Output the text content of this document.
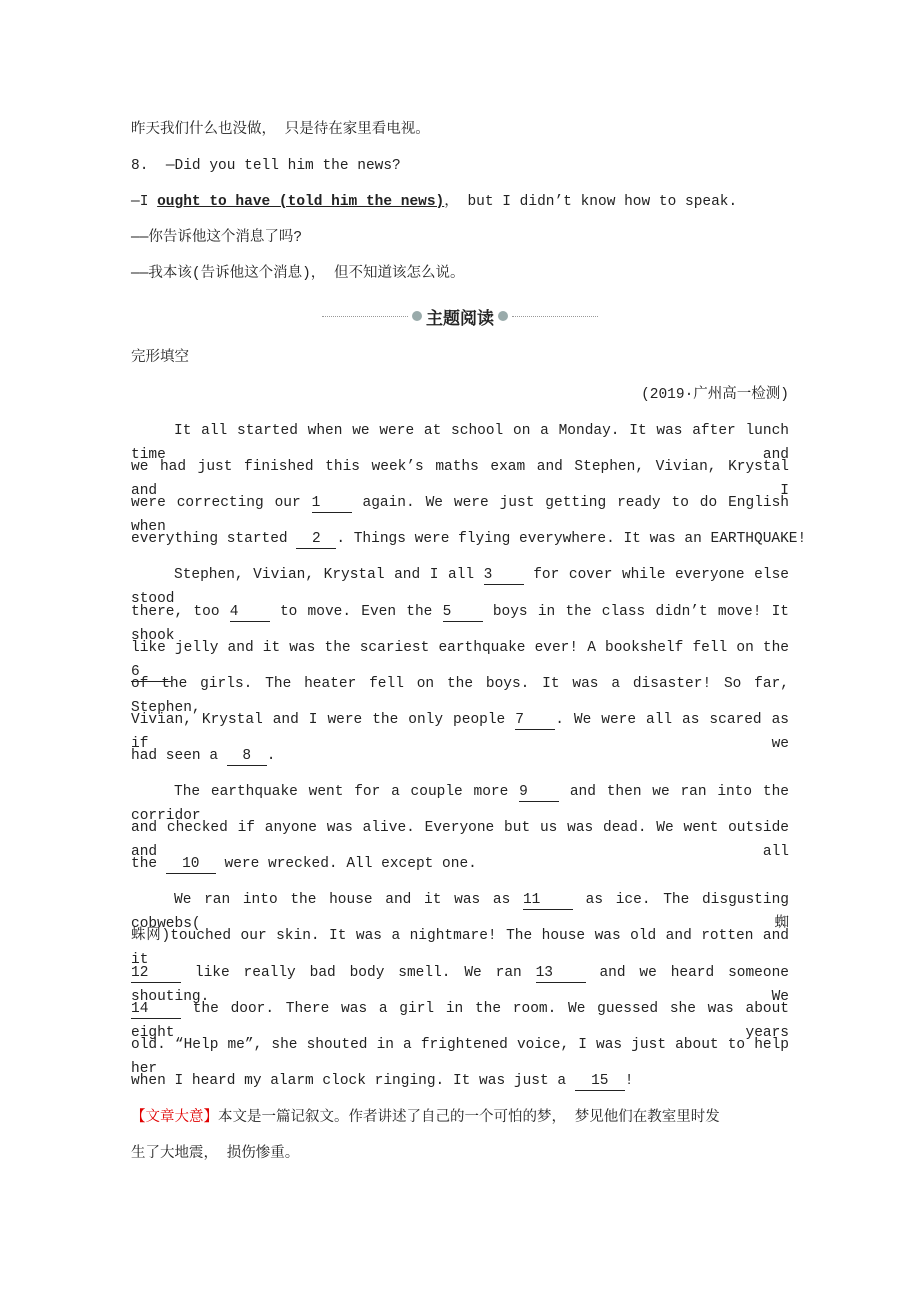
昨天我们什么也没做， 只是待在家里看电视。
8. —Did you tell him the news?
—I ought to have (told him the news)， but I didn’t know how to speak.
——你告诉他这个消息了吗?
——我本该(告诉他这个消息)， 但不知道该怎么说。
主题阅读
完形填空
(2019·广州高一检测)
It all started when we were at school on a Monday. It was after lunch time and
we had just finished this week’s maths exam and Stephen, Vivian, Krystal and I
were correcting our 1 again. We were just getting ready to do English when
everything started 2 . Things were flying everywhere. It was an EARTHQUAKE!
Stephen, Vivian, Krystal and I all 3 for cover while everyone else stood
there, too 4 to move. Even the 5 boys in the class didn’t move! It shook
like jelly and it was the scariest earthquake ever! A bookshelf fell on the 6
of the girls. The heater fell on the boys. It was a disaster! So far, Stephen,
Vivian, Krystal and I were the only people 7 . We were all as scared as if we
had seen a 8 .
The earthquake went for a couple more 9 and then we ran into the corridor
and checked if anyone was alive. Everyone but us was dead. We went outside and all
the 10 were wrecked. All except one.
We ran into the house and it was as 11 as ice. The disgusting cobwebs(蜘
蛛网)touched our skin. It was a nightmare! The house was old and rotten and it
12 like really bad body smell. We ran 13 and we heard someone shouting. We
14 the door. There was a girl in the room. We guessed she was about eight years
old. “Help me”, she shouted in a frightened voice, I was just about to help her
when I heard my alarm clock ringing. It was just a 15 !
【文章大意】本文是一篇记叙文。作者讲述了自己的一个可怕的梦， 梦见他们在教室里时发
生了大地震， 损伤惨重。
